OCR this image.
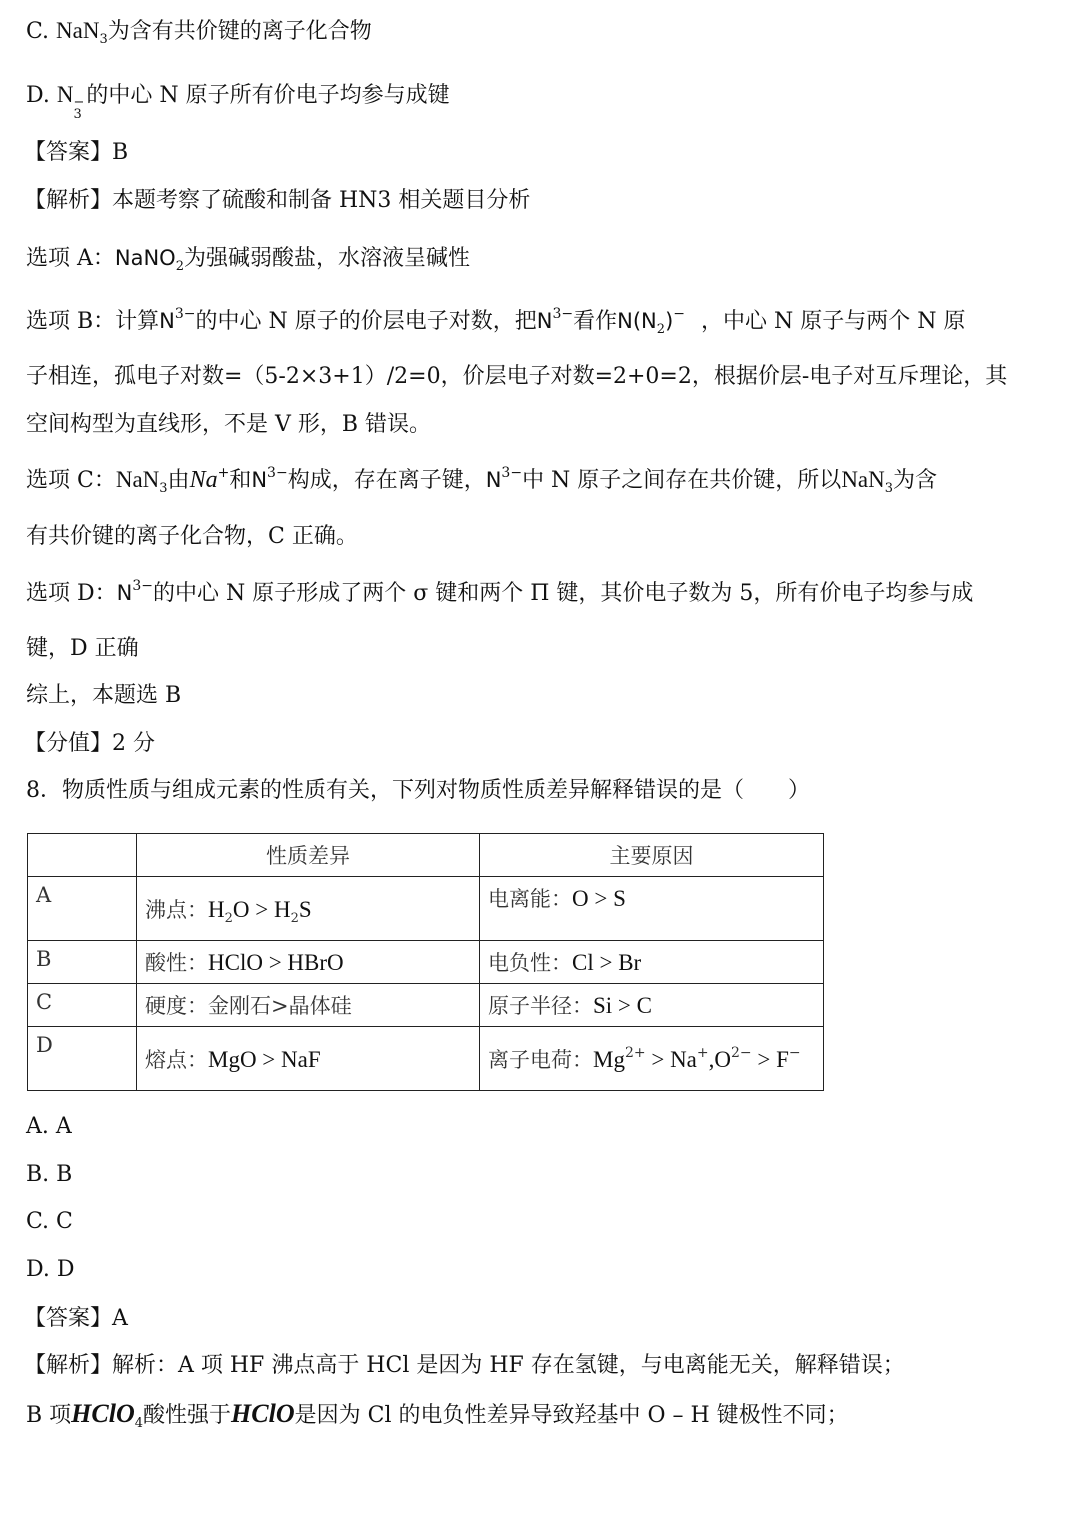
C. NaN$_3$为含有共价键的离子化合物
D. N −
3
的中心 N 原子所有价电子均参与成键
【答案】B
【解析】本题考察了硫酸和制备 HN3 相关题目分析
选项 A：NaNO$_2$为强碱弱酸盐，水溶液呈碱性
选项 B：计算$N^{3-}$的中心 N 原子的价层电子对数，把$N^{3-}$看作$N(N_2)^-$ ，中心 N 原子与两个 N 原
子相连，孤电子对数=（5-2×3+1）/2=0，价层电子对数=2+0=2，根据价层-电子对互斥理论，其
空间构型为直线形，不是 V 形，B 错误。
选项 C：NaN$_3$由Na+和$N^{3-}$构成，存在离子键，$N^{3-}$中 N 原子之间存在共价键，所以NaN$_3$为含
有共价键的离子化合物，C 正确。
选项 D：$N^{3-}$的中心 N 原子形成了两个 σ 键和两个 Π 键，其价电子数为 5，所有价电子均参与成
键，D 正确
综上，本题选 B
【分值】2 分
8．物质性质与组成元素的性质有关，下列对物质性质差异解释错误的是（　　）
	性质差异	主要原因
A	沸点：$H_2O > H_2S$	电离能：O > S
B	酸性：HClO > HBrO	电负性：Cl > Br
C	硬度：金刚石>晶体硅	原子半径：Si > C
D	熔点：MgO > NaF	离子电荷：$Mg^{2+} > Na^+,O^{2-} > F^-$
A. A
B. B
C. C
D. D
【答案】A
【解析】解析：A 项 HF 沸点高于 HCl 是因为 HF 存在氢键，与电离能无关，解释错误；
B 项HClO$_4$酸性强于HClO是因为 Cl 的电负性差异导致羟基中 O – H 键极性不同；
